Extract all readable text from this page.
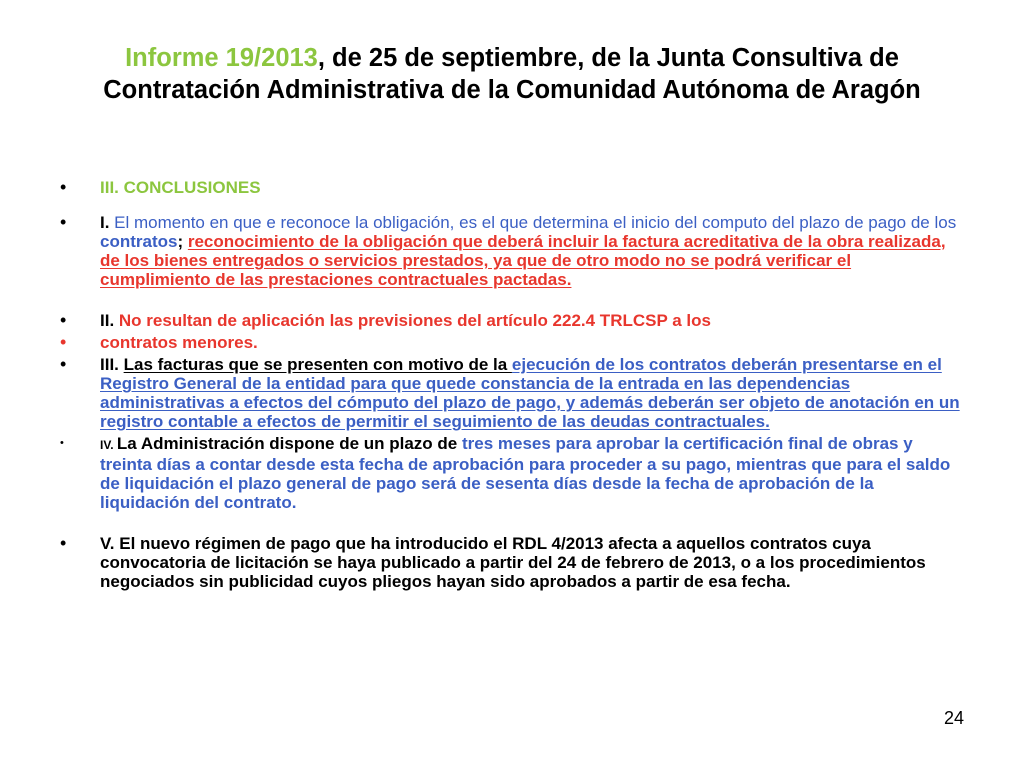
Informe 19/2013, de 25 de septiembre, de la Junta Consultiva de Contratación Administrativa de la Comunidad Autónoma de Aragón
•	III. CONCLUSIONES
•	I. El momento en que e reconoce la obligación, es el que determina el inicio del computo del plazo de pago de los contratos; reconocimiento de la obligación que deberá incluir la factura acreditativa de la obra realizada, de los bienes entregados o servicios prestados, ya que de otro modo no se podrá verificar el cumplimiento de las prestaciones contractuales pactadas.
•	II. No resultan de aplicación las previsiones del artículo 222.4 TRLCSP a los
•	contratos menores.
•	III. Las facturas que se presenten con motivo de la ejecución de los contratos deberán presentarse en el Registro General de la entidad para que quede constancia de la entrada en las dependencias administrativas a efectos del cómputo del plazo de pago, y además deberán ser objeto de anotación en un registro contable a efectos de permitir el seguimiento de las deudas contractuales.
•	IV. La Administración dispone de un plazo de tres meses para aprobar la certificación final de obras y treinta días a contar desde esta fecha de aprobación para proceder a su pago, mientras que para el saldo de liquidación el plazo general de pago será de sesenta días desde la fecha de aprobación de la liquidación del contrato.
•	V. El nuevo régimen de pago que ha introducido el RDL 4/2013 afecta a aquellos contratos cuya convocatoria de licitación se haya publicado a partir del 24 de febrero de 2013, o a los procedimientos negociados sin publicidad cuyos pliegos hayan sido aprobados a partir de esa fecha.
24
